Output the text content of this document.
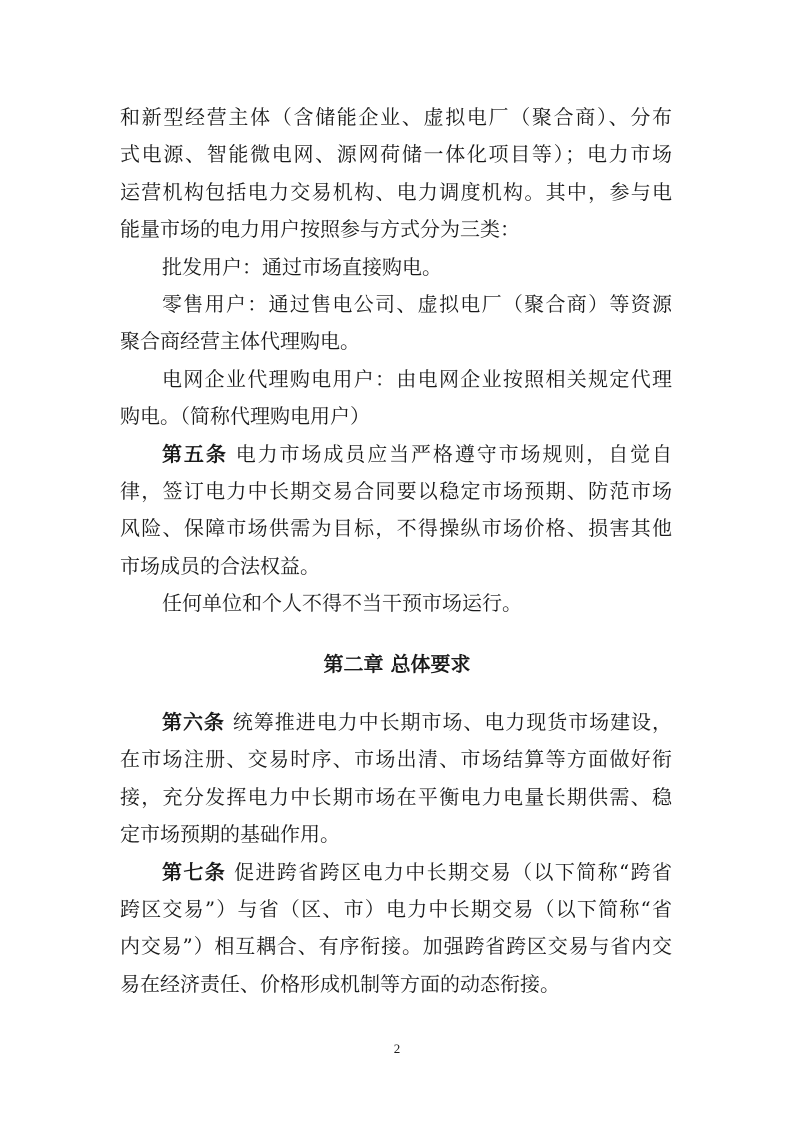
和新型经营主体（含储能企业、虚拟电厂（聚合商）、分布
式电源、智能微电网、源网荷储一体化项目等）；电力市场
运营机构包括电力交易机构、电力调度机构。其中，参与电
能量市场的电力用户按照参与方式分为三类：
批发用户：通过市场直接购电。
零售用户：通过售电公司、虚拟电厂（聚合商）等资源
聚合商经营主体代理购电。
电网企业代理购电用户：由电网企业按照相关规定代理
购电。（简称代理购电用户）
第五条 电力市场成员应当严格遵守市场规则，自觉自
律，签订电力中长期交易合同要以稳定市场预期、防范市场
风险、保障市场供需为目标，不得操纵市场价格、损害其他
市场成员的合法权益。
任何单位和个人不得不当干预市场运行。
第二章 总体要求
第六条 统筹推进电力中长期市场、电力现货市场建设，
在市场注册、交易时序、市场出清、市场结算等方面做好衔
接，充分发挥电力中长期市场在平衡电力电量长期供需、稳
定市场预期的基础作用。
第七条 促进跨省跨区电力中长期交易（以下简称“跨省
跨区交易”）与省（区、市）电力中长期交易（以下简称“省
内交易”）相互耦合、有序衔接。加强跨省跨区交易与省内交
易在经济责任、价格形成机制等方面的动态衔接。
2
